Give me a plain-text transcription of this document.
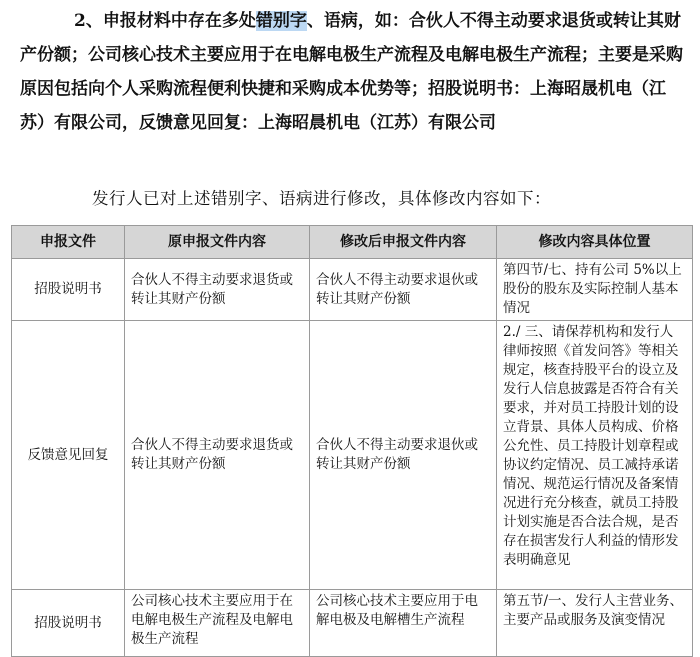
2、申报材料中存在多处错别字、语病，如：合伙人不得主动要求退货或转让其财产份额；公司核心技术主要应用于在电解电极生产流程及电解电极生产流程；主要是采购原因包括向个人采购流程便利快捷和采购成本优势等；招股说明书：上海昭晟机电（江苏）有限公司，反馈意见回复：上海昭晨机电（江苏）有限公司

发行人已对上述错别字、语病进行修改，具体修改内容如下：

申报文件	原申报文件内容	修改后申报文件内容	修改内容具体位置
招股说明书	合伙人不得主动要求退货或转让其财产份额	合伙人不得主动要求退伙或转让其财产份额	第四节/七、持有公司 5%以上股份的股东及实际控制人基本情况
反馈意见回复	合伙人不得主动要求退货或转让其财产份额	合伙人不得主动要求退伙或转让其财产份额	2./ 三、请保荐机构和发行人律师按照《首发问答》等相关规定，核查持股平台的设立及发行人信息披露是否符合有关要求，并对员工持股计划的设立背景、具体人员构成、价格公允性、员工持股计划章程或协议约定情况、员工减持承诺情况、规范运行情况及备案情况进行充分核查，就员工持股计划实施是否合法合规，是否存在损害发行人利益的情形发表明确意见
招股说明书	公司核心技术主要应用于在电解电极生产流程及电解电极生产流程	公司核心技术主要应用于电解电极及电解槽生产流程	第五节/一、发行人主营业务、主要产品或服务及演变情况
